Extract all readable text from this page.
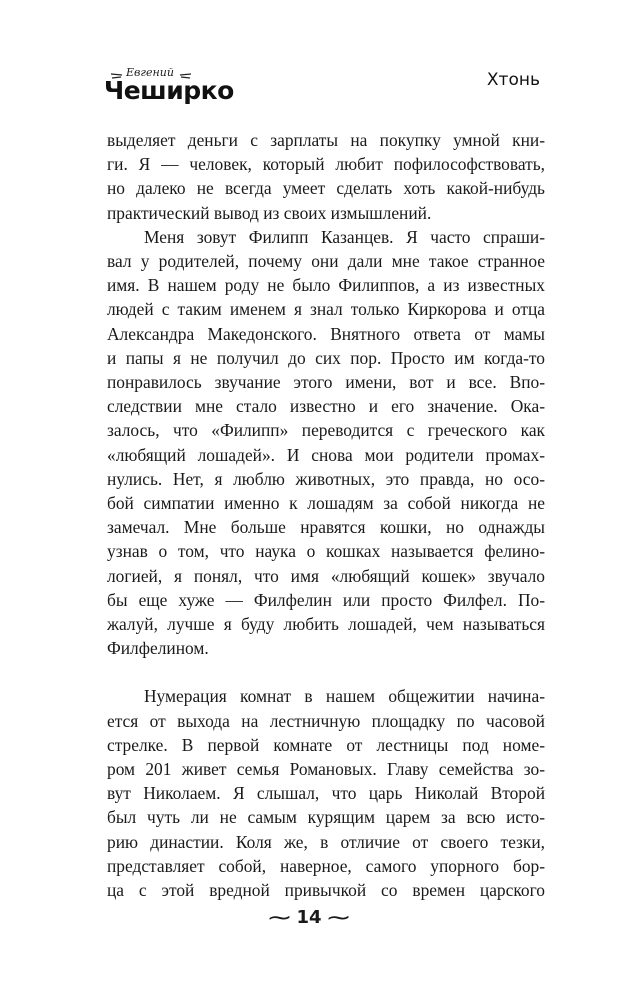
Евгений
Чеширко	Хтонь

выделяет деньги с зарплаты на покупку умной кни-

ги. Я — человек, который любит пофилософствовать,

но далеко не всегда умеет сделать хоть какой-нибудь

практический вывод из своих измышлений.

Меня зовут Филипп Казанцев. Я часто спраши-

вал у родителей, почему они дали мне такое странное

имя. В нашем роду не было Филиппов, а из известных

людей с таким именем я знал только Киркорова и отца

Александра Македонского. Внятного ответа от мамы

и папы я не получил до сих пор. Просто им когда-то

понравилось звучание этого имени, вот и все. Впо-

следствии мне стало известно и его значение. Ока-

залось, что «Филипп» переводится с греческого как

«любящий лошадей». И снова мои родители промах-

нулись. Нет, я люблю животных, это правда, но осо-

бой симпатии именно к лошадям за собой никогда не

замечал. Мне больше нравятся кошки, но однажды

узнав о том, что наука о кошках называется фелино-

логией, я понял, что имя «любящий кошек» звучало

бы еще хуже — Филфелин или просто Филфел. По-

жалуй, лучше я буду любить лошадей, чем называться

Филфелином.

Нумерация комнат в нашем общежитии начина-

ется от выхода на лестничную площадку по часовой

стрелке. В первой комнате от лестницы под номе-

ром 201 живет семья Романовых. Главу семейства зо-

вут Николаем. Я слышал, что царь Николай Второй

был чуть ли не самым курящим царем за всю исто-

рию династии. Коля же, в отличие от своего тезки,

представляет собой, наверное, самого упорного бор-

ца с этой вредной привычкой со времен царского

⁓ 14 ⁓
